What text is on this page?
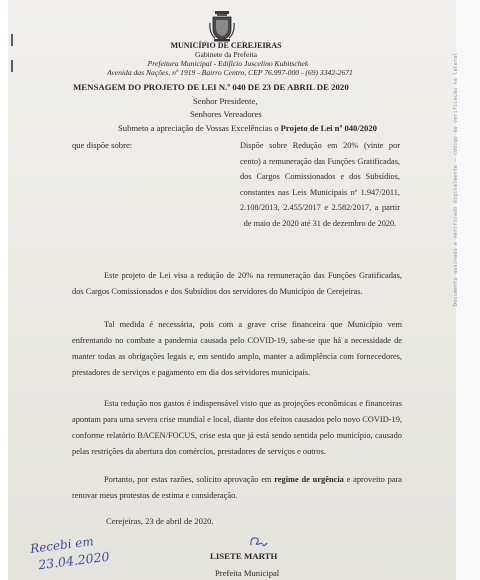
Documento assinado e verificado digitalmente — código de verificação na lateral
MUNICÍPIO DE CEREJEIRAS
Gabinete da Prefeita
Prefeitura Municipal - Edifício Juscelino Kubitschek
Avenida das Nações, nº 1919 - Bairro Centro, CEP 76.997-000 - (69) 3342-2671
MENSAGEM DO PROJETO DE LEI N.º 040 DE 23 DE ABRIL DE 2020
Senhor Presidente,
Senhores Vereadores
Submeto a apreciação de Vossas Excelências o Projeto de Lei nº 040/2020
que dispõe sobre:	Dispõe sobre Redução em 20% (vinte por cento) a remuneração das Funções Gratificadas, dos Cargos Comissionados e dos Subsídios, constantes nas Leis Municipais nº 1.947/2011, 2.108/2013, 2.455/2017 e 2.582/2017, a partir de maio de 2020 até 31 de dezembro de 2020.
Este projeto de Lei visa a redução de 20% na remuneração das Funções Gratificadas, dos Cargos Comissionados e dos Subsídios dos servidores do Município de Cerejeiras.
Tal medida é necessária, pois com a grave crise financeira que Município vem enfrentando no combate a pandemia causada pelo COVID-19, sabe-se que há a necessidade de manter todas as obrigações legais e, em sentido amplo, manter a adimplência com fornecedores, prestadores de serviços e pagamento em dia dos servidores municipais.
Esta redução nos gastos é indispensável visto que as projeções econômicas e financeiras apontam para uma severa crise mundial e local, diante dos efeitos causados pelo novo COVID-19, conforme relatório BACEN/FOCUS, crise esta que já está sendo sentida pelo município, causado pelas restrições da abertura dos comércios, prestadores de serviços e outros.
Portanto, por estas razões, solicito aprovação em regime de urgência e aproveito para renovar meus protestos de estima e consideração.
Cerejeiras, 23 de abril de 2020.
LISETE MARTH
Prefeita Municipal
Recebi em
23.04.2020
